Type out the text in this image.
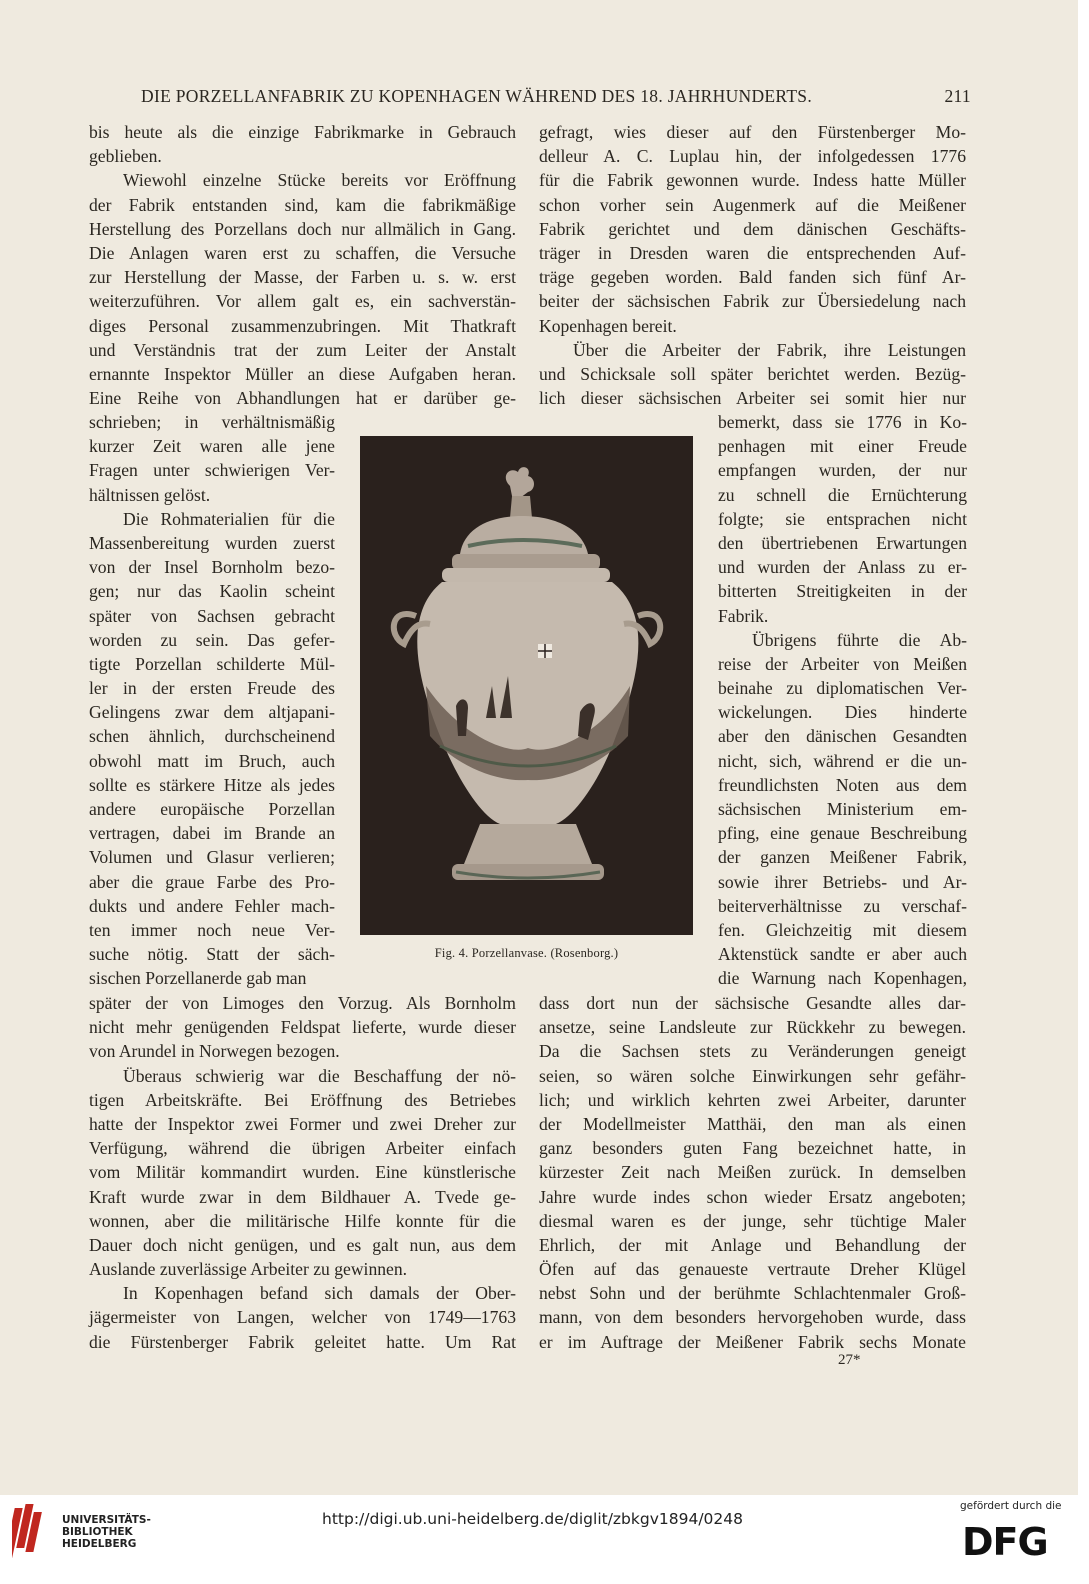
DIE PORZELLANFABRIK ZU KOPENHAGEN WÄHREND DES 18. JAHRHUNDERTS.	211
bis heute als die einzige Fabrikmarke in Gebrauch
geblieben.
Wiewohl einzelne Stücke bereits vor Eröffnung
der Fabrik entstanden sind, kam die fabrikmäßige
Herstellung des Porzellans doch nur allmälich in Gang.
Die Anlagen waren erst zu schaffen, die Versuche
zur Herstellung der Masse, der Farben u. s. w. erst
weiterzuführen. Vor allem galt es, ein sachverstän-
diges Personal zusammenzubringen. Mit Thatkraft
und Verständnis trat der zum Leiter der Anstalt
ernannte Inspektor Müller an diese Aufgaben heran.
Eine Reihe von Abhandlungen hat er darüber ge-
schrieben; in verhältnismäßig
kurzer Zeit waren alle jene
Fragen unter schwierigen Ver-
hältnissen gelöst.
Die Rohmaterialien für die
Massenbereitung wurden zuerst
von der Insel Bornholm bezo-
gen; nur das Kaolin scheint
später von Sachsen gebracht
worden zu sein. Das gefer-
tigte Porzellan schilderte Mül-
ler in der ersten Freude des
Gelingens zwar dem altjapani-
schen ähnlich, durchscheinend
obwohl matt im Bruch, auch
sollte es stärkere Hitze als jedes
andere europäische Porzellan
vertragen, dabei im Brande an
Volumen und Glasur verlieren;
aber die graue Farbe des Pro-
dukts und andere Fehler mach-
ten immer noch neue Ver-
suche nötig. Statt der säch-
sischen Porzellanerde gab man
später der von Limoges den Vorzug. Als Bornholm
nicht mehr genügenden Feldspat lieferte, wurde dieser
von Arundel in Norwegen bezogen.
Überaus schwierig war die Beschaffung der nö-
tigen Arbeitskräfte. Bei Eröffnung des Betriebes
hatte der Inspektor zwei Former und zwei Dreher zur
Verfügung, während die übrigen Arbeiter einfach
vom Militär kommandirt wurden. Eine künstlerische
Kraft wurde zwar in dem Bildhauer A. Tvede ge-
wonnen, aber die militärische Hilfe konnte für die
Dauer doch nicht genügen, und es galt nun, aus dem
Auslande zuverlässige Arbeiter zu gewinnen.
In Kopenhagen befand sich damals der Ober-
jägermeister von Langen, welcher von 1749—1763
die Fürstenberger Fabrik geleitet hatte. Um Rat
gefragt, wies dieser auf den Fürstenberger Mo-
delleur A. C. Luplau hin, der infolgedessen 1776
für die Fabrik gewonnen wurde. Indess hatte Müller
schon vorher sein Augenmerk auf die Meißener
Fabrik gerichtet und dem dänischen Geschäfts-
träger in Dresden waren die entsprechenden Auf-
träge gegeben worden. Bald fanden sich fünf Ar-
beiter der sächsischen Fabrik zur Übersiedelung nach
Kopenhagen bereit.
Über die Arbeiter der Fabrik, ihre Leistungen
und Schicksale soll später berichtet werden. Bezüg-
lich dieser sächsischen Arbeiter sei somit hier nur
bemerkt, dass sie 1776 in Ko-
penhagen mit einer Freude
empfangen wurden, der nur
zu schnell die Ernüchterung
folgte; sie entsprachen nicht
den übertriebenen Erwartungen
und wurden der Anlass zu er-
bitterten Streitigkeiten in der
Fabrik.
Übrigens führte die Ab-
reise der Arbeiter von Meißen
beinahe zu diplomatischen Ver-
wickelungen. Dies hinderte
aber den dänischen Gesandten
nicht, sich, während er die un-
freundlichsten Noten aus dem
sächsischen Ministerium em-
pfing, eine genaue Beschreibung
der ganzen Meißener Fabrik,
sowie ihrer Betriebs- und Ar-
beiterverhältnisse zu verschaf-
fen. Gleichzeitig mit diesem
Aktenstück sandte er aber auch
die Warnung nach Kopenhagen,
dass dort nun der sächsische Gesandte alles dar-
ansetze, seine Landsleute zur Rückkehr zu bewegen.
Da die Sachsen stets zu Veränderungen geneigt
seien, so wären solche Einwirkungen sehr gefähr-
lich; und wirklich kehrten zwei Arbeiter, darunter
der Modellmeister Matthäi, den man als einen
ganz besonders guten Fang bezeichnet hatte, in
kürzester Zeit nach Meißen zurück. In demselben
Jahre wurde indes schon wieder Ersatz angeboten;
diesmal waren es der junge, sehr tüchtige Maler
Ehrlich, der mit Anlage und Behandlung der
Öfen auf das genaueste vertraute Dreher Klügel
nebst Sohn und der berühmte Schlachtenmaler Groß-
mann, von dem besonders hervorgehoben wurde, dass
er im Auftrage der Meißener Fabrik sechs Monate
Fig. 4. Porzellanvase. (Rosenborg.)
27*
UNIVERSITÄTS-
BIBLIOTHEK
HEIDELBERG
http://digi.ub.uni-heidelberg.de/diglit/zbkgv1894/0248
gefördert durch die
DFG
